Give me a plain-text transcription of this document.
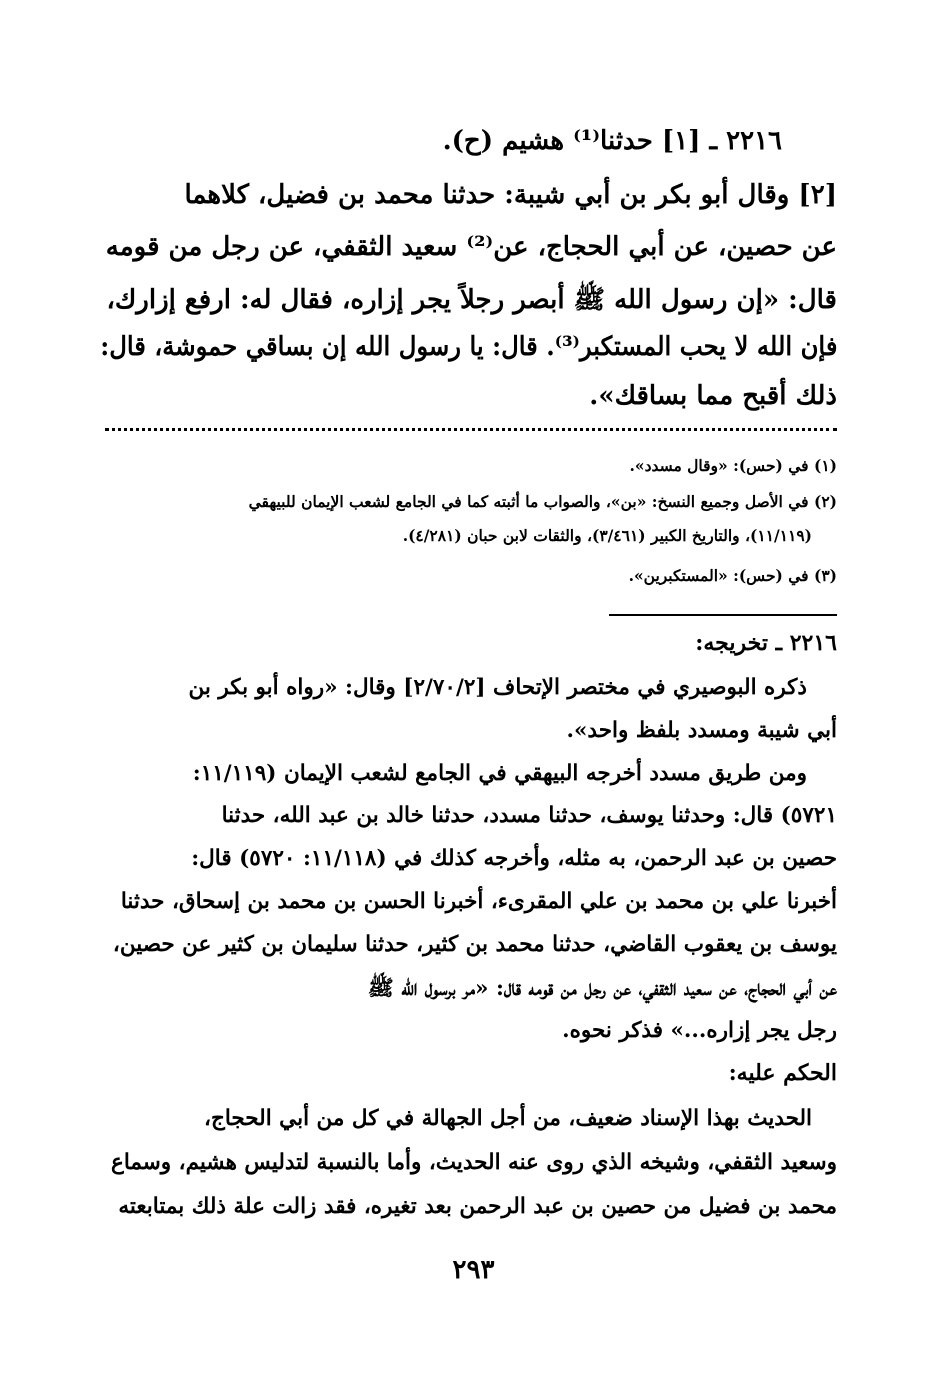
٢٢١٦ ـ [١] حدثنا⁽¹⁾ هشيم (ح).
[٢] وقال أبو بكر بن أبي شيبة: حدثنا محمد بن فضيل، كلاهما
عن حصين، عن أبي الحجاج، عن⁽²⁾ سعيد الثقفي، عن رجل من قومه
قال: «إن رسول الله ﷺ أبصر رجلاً يجر إزاره، فقال له: ارفع إزارك،
فإن الله لا يحب المستكبر⁽³⁾. قال: يا رسول الله إن بساقي حموشة، قال:
ذلك أقبح مما بساقك».
(١) في (حس): «وقال مسدد».
(٢) في الأصل وجميع النسخ: «بن»، والصواب ما أثبته كما في الجامع لشعب الإيمان للبيهقي
(١١/١١٩)، والتاريخ الكبير (٣/٤٦١)، والثقات لابن حبان (٤/٢٨١).
(٣) في (حس): «المستكبرين».
٢٢١٦ ـ تخريجه:
ذكره البوصيري في مختصر الإتحاف [٢/٧٠/٢] وقال: «رواه أبو بكر بن
أبي شيبة ومسدد بلفظ واحد».
ومن طريق مسدد أخرجه البيهقي في الجامع لشعب الإيمان (١١/١١٩:
٥٧٢١) قال: وحدثنا يوسف، حدثنا مسدد، حدثنا خالد بن عبد الله، حدثنا
حصين بن عبد الرحمن، به مثله، وأخرجه كذلك في (١١/١١٨: ٥٧٢٠) قال:
أخبرنا علي بن محمد بن علي المقرىء، أخبرنا الحسن بن محمد بن إسحاق، حدثنا
يوسف بن يعقوب القاضي، حدثنا محمد بن كثير، حدثنا سليمان بن كثير عن حصين،
عن أبي الحجاج، عن سعيد الثقفي، عن رجل من قومه قال: «مر برسول الله ﷺ
رجل يجر إزاره...» فذكر نحوه.
الحكم عليه:
الحديث بهذا الإسناد ضعيف، من أجل الجهالة في كل من أبي الحجاج،
وسعيد الثقفي، وشيخه الذي روى عنه الحديث، وأما بالنسبة لتدليس هشيم، وسماع
محمد بن فضيل من حصين بن عبد الرحمن بعد تغيره، فقد زالت علة ذلك بمتابعته
٢٩٣
